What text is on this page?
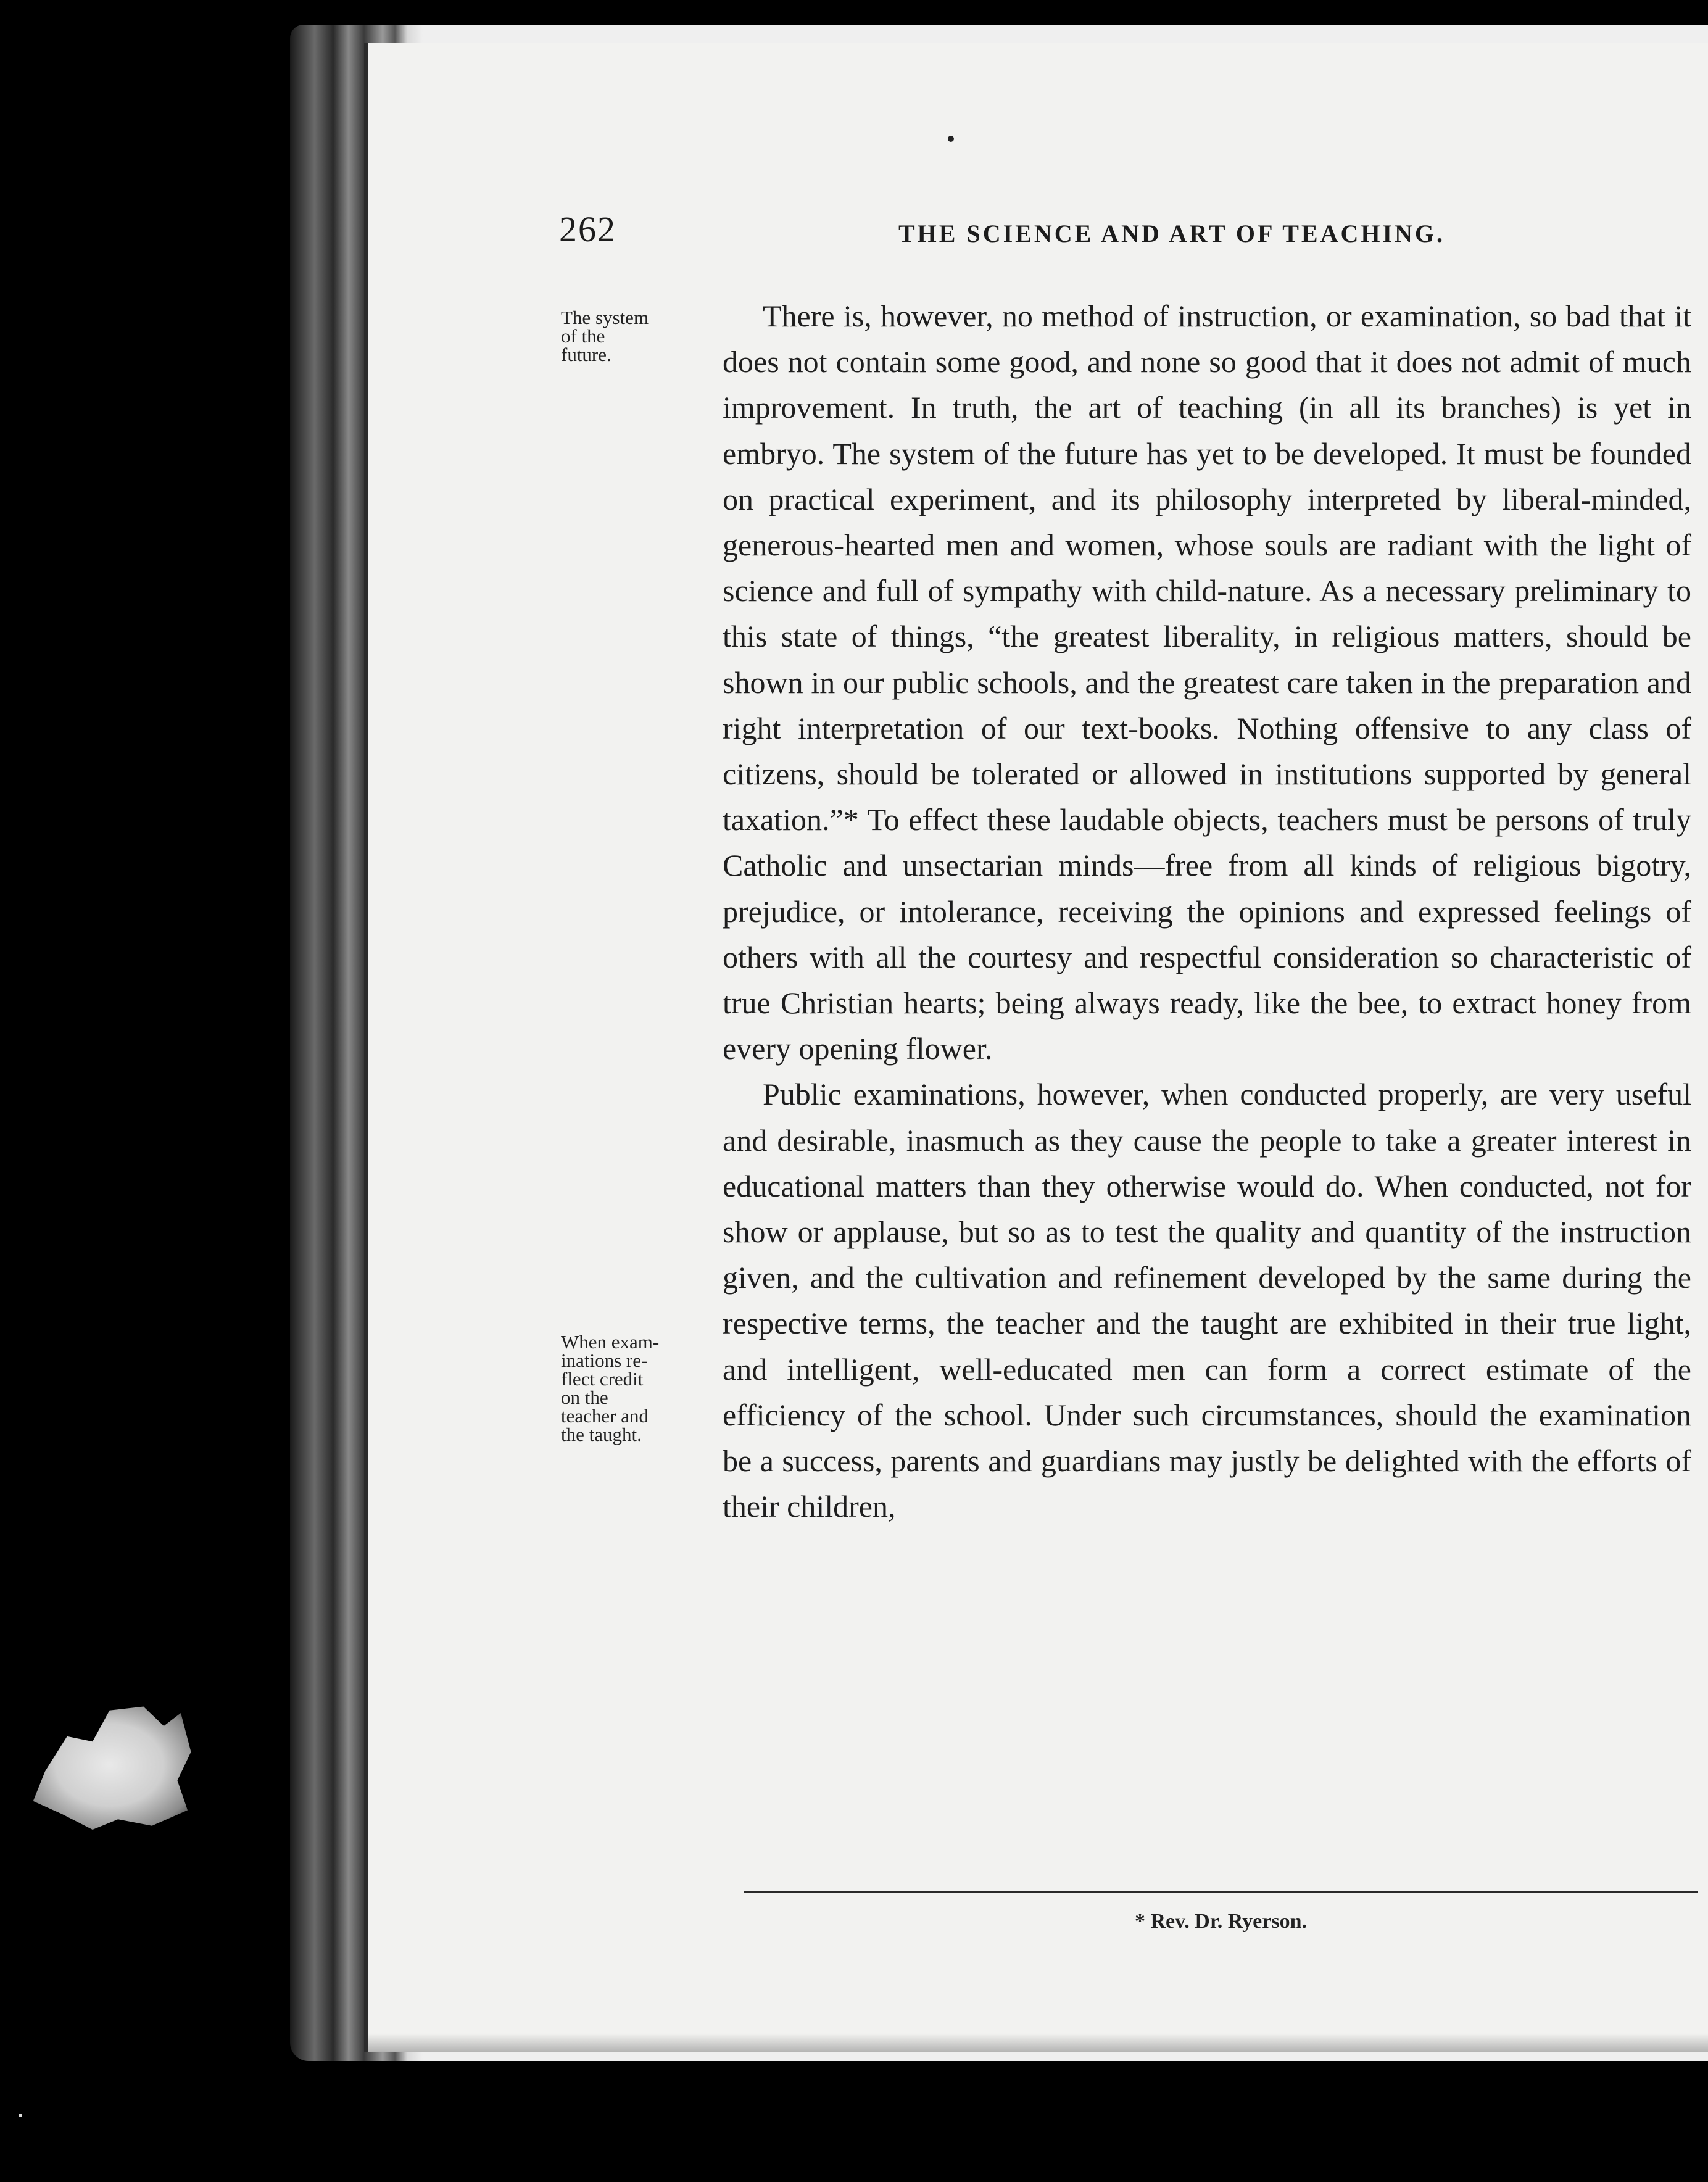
262	THE SCIENCE AND ART OF TEACHING.
The system
of the
future.
When exam-
inations re-
flect credit
on the
teacher and
the taught.

There is, however, no method of instruction, or examination, so bad that it does not contain some good, and none so good that it does not admit of much improvement. In truth, the art of teaching (in all its branches) is yet in embryo. The system of the future has yet to be developed. It must be founded on practical experiment, and its philosophy interpreted by liberal-minded, generous-hearted men and women, whose souls are radiant with the light of science and full of sympathy with child-nature. As a necessary preliminary to this state of things, “the greatest liberality, in religious matters, should be shown in our public schools, and the greatest care taken in the preparation and right interpretation of our text-books. Nothing offensive to any class of citizens, should be tolerated or allowed in institutions supported by general taxation.”* To effect these laudable objects, teachers must be persons of truly Catholic and unsectarian minds—free from all kinds of religious bigotry, prejudice, or intolerance, receiving the opinions and expressed feelings of others with all the courtesy and respectful consideration so characteristic of true Christian hearts; being always ready, like the bee, to extract honey from every opening flower.

Public examinations, however, when conducted properly, are very useful and desirable, inasmuch as they cause the people to take a greater interest in educational matters than they otherwise would do. When conducted, not for show or applause, but so as to test the quality and quantity of the instruction given, and the cultivation and refinement developed by the same during the respective terms, the teacher and the taught are exhibited in their true light, and intelligent, well-educated men can form a correct estimate of the efficiency of the school. Under such circumstances, should the examination be a success, parents and guardians may justly be delighted with the efforts of their children,

* Rev. Dr. Ryerson.
